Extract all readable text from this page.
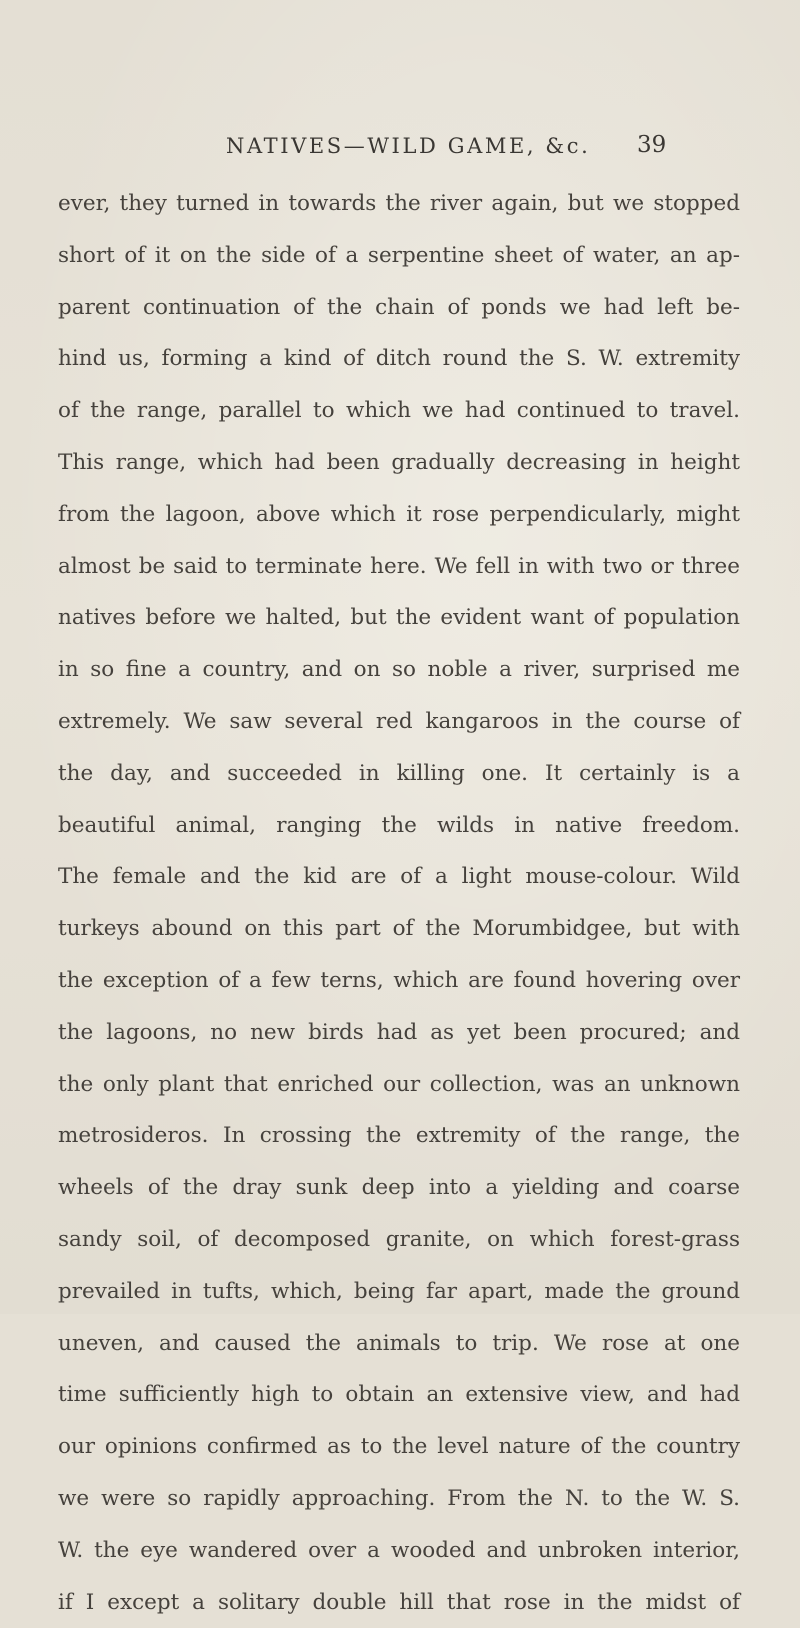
NATIVES—WILD GAME, &c. 39
ever, they turned in towards the river again, but we stopped
short of it on the side of a serpentine sheet of water, an ap-
parent continuation of the chain of ponds we had left be-
hind us, forming a kind of ditch round the S. W. extremity
of the range, parallel to which we had continued to travel.
This range, which had been gradually decreasing in height
from the lagoon, above which it rose perpendicularly, might
almost be said to terminate here. We fell in with two or three
natives before we halted, but the evident want of population
in so fine a country, and on so noble a river, surprised me
extremely. We saw several red kangaroos in the course of
the day, and succeeded in killing one. It certainly is a
beautiful animal, ranging the wilds in native freedom.
The female and the kid are of a light mouse-colour. Wild
turkeys abound on this part of the Morumbidgee, but with
the exception of a few terns, which are found hovering over
the lagoons, no new birds had as yet been procured; and
the only plant that enriched our collection, was an unknown
metrosideros. In crossing the extremity of the range, the
wheels of the dray sunk deep into a yielding and coarse
sandy soil, of decomposed granite, on which forest-grass
prevailed in tufts, which, being far apart, made the ground
uneven, and caused the animals to trip. We rose at one
time sufficiently high to obtain an extensive view, and had
our opinions confirmed as to the level nature of the country
we were so rapidly approaching. From the N. to the W. S.
W. the eye wandered over a wooded and unbroken interior,
if I except a solitary double hill that rose in the midst of
